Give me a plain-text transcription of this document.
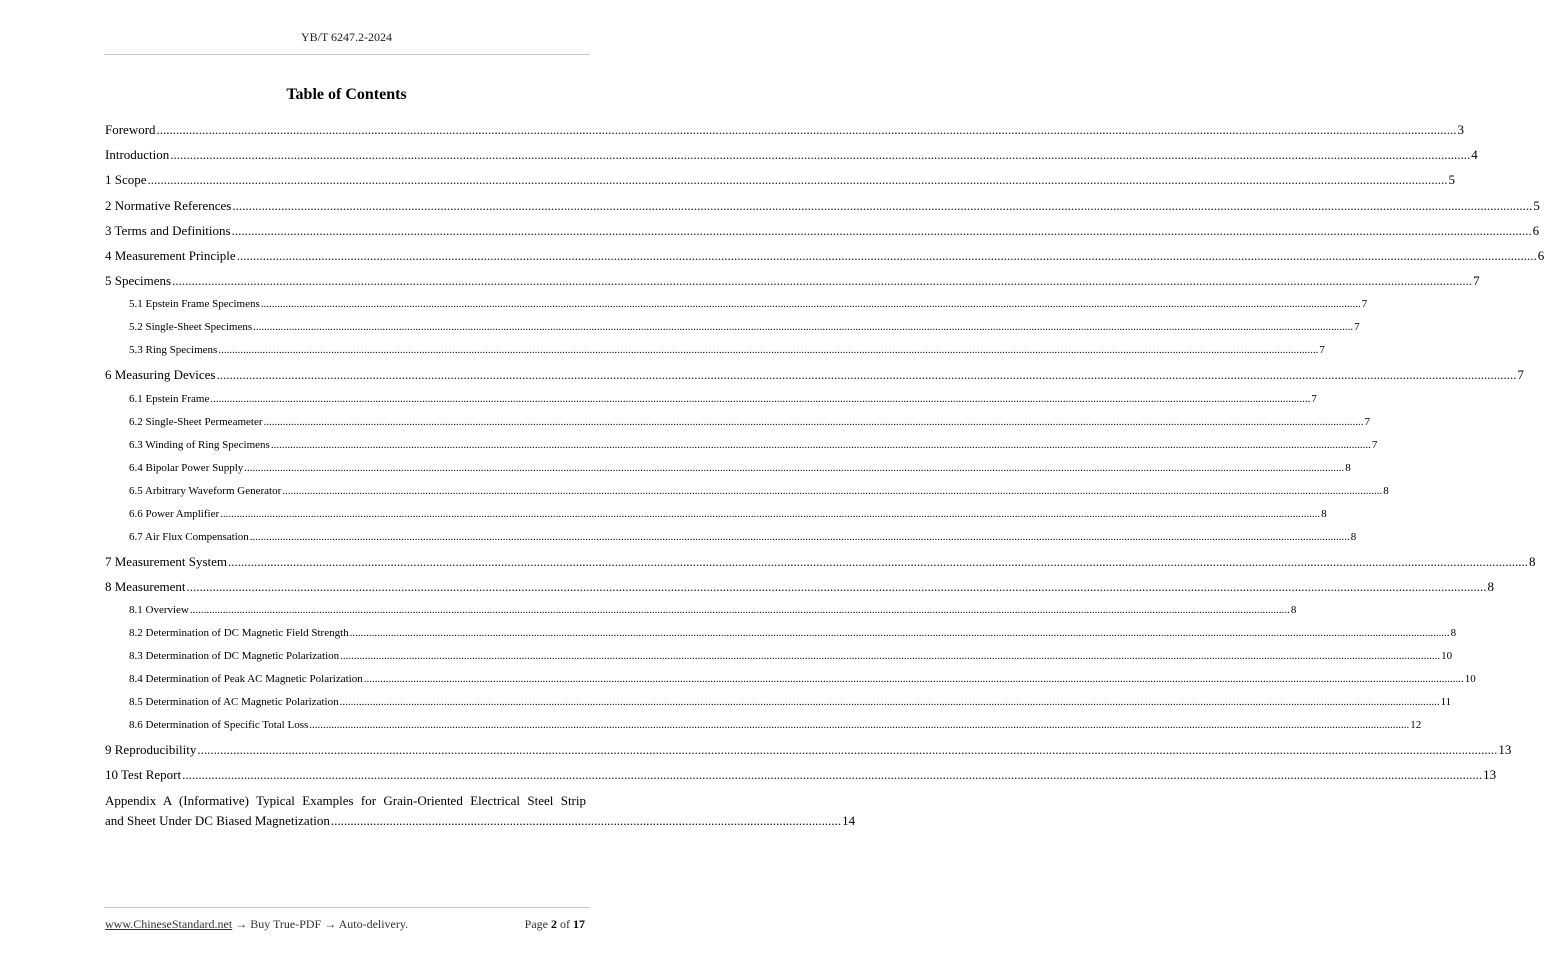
YB/T 6247.2-2024
Table of Contents
Foreword ................................................................................................................................................................................................................................................................................................................................................................................................................ 3
Introduction ................................................................................................................................................................................................................................................................................................................................................................................................................ 4
1 Scope ................................................................................................................................................................................................................................................................................................................................................................................................................ 5
2 Normative References ................................................................................................................................................................................................................................................................................................................................................................................................................ 5
3 Terms and Definitions ................................................................................................................................................................................................................................................................................................................................................................................................................ 6
4 Measurement Principle ................................................................................................................................................................................................................................................................................................................................................................................................................ 6
5 Specimens ................................................................................................................................................................................................................................................................................................................................................................................................................ 7
5.1 Epstein Frame Specimens ................................................................................................................................................................................................................................................................................................................................................................................................................ 7
5.2 Single-Sheet Specimens ................................................................................................................................................................................................................................................................................................................................................................................................................ 7
5.3 Ring Specimens ................................................................................................................................................................................................................................................................................................................................................................................................................ 7
6 Measuring Devices ................................................................................................................................................................................................................................................................................................................................................................................................................ 7
6.1 Epstein Frame ................................................................................................................................................................................................................................................................................................................................................................................................................ 7
6.2 Single-Sheet Permeameter ................................................................................................................................................................................................................................................................................................................................................................................................................ 7
6.3 Winding of Ring Specimens ................................................................................................................................................................................................................................................................................................................................................................................................................ 7
6.4 Bipolar Power Supply ................................................................................................................................................................................................................................................................................................................................................................................................................ 8
6.5 Arbitrary Waveform Generator ................................................................................................................................................................................................................................................................................................................................................................................................................ 8
6.6 Power Amplifier ................................................................................................................................................................................................................................................................................................................................................................................................................ 8
6.7 Air Flux Compensation ................................................................................................................................................................................................................................................................................................................................................................................................................ 8
7 Measurement System ................................................................................................................................................................................................................................................................................................................................................................................................................ 8
8 Measurement ................................................................................................................................................................................................................................................................................................................................................................................................................ 8
8.1 Overview ................................................................................................................................................................................................................................................................................................................................................................................................................ 8
8.2 Determination of DC Magnetic Field Strength ................................................................................................................................................................................................................................................................................................................................................................................................................ 8
8.3 Determination of DC Magnetic Polarization ................................................................................................................................................................................................................................................................................................................................................................................................................ 10
8.4 Determination of Peak AC Magnetic Polarization ................................................................................................................................................................................................................................................................................................................................................................................................................ 10
8.5 Determination of AC Magnetic Polarization ................................................................................................................................................................................................................................................................................................................................................................................................................ 11
8.6 Determination of Specific Total Loss ................................................................................................................................................................................................................................................................................................................................................................................................................ 12
9 Reproducibility ................................................................................................................................................................................................................................................................................................................................................................................................................ 13
10 Test Report ................................................................................................................................................................................................................................................................................................................................................................................................................ 13
Appendix A (Informative) Typical Examples for Grain-Oriented Electrical Steel Strip
and Sheet Under DC Biased Magnetization ............................................................................................................................................................. 14
www.ChineseStandard.net → Buy True-PDF → Auto-delivery.	Page 2 of 17
